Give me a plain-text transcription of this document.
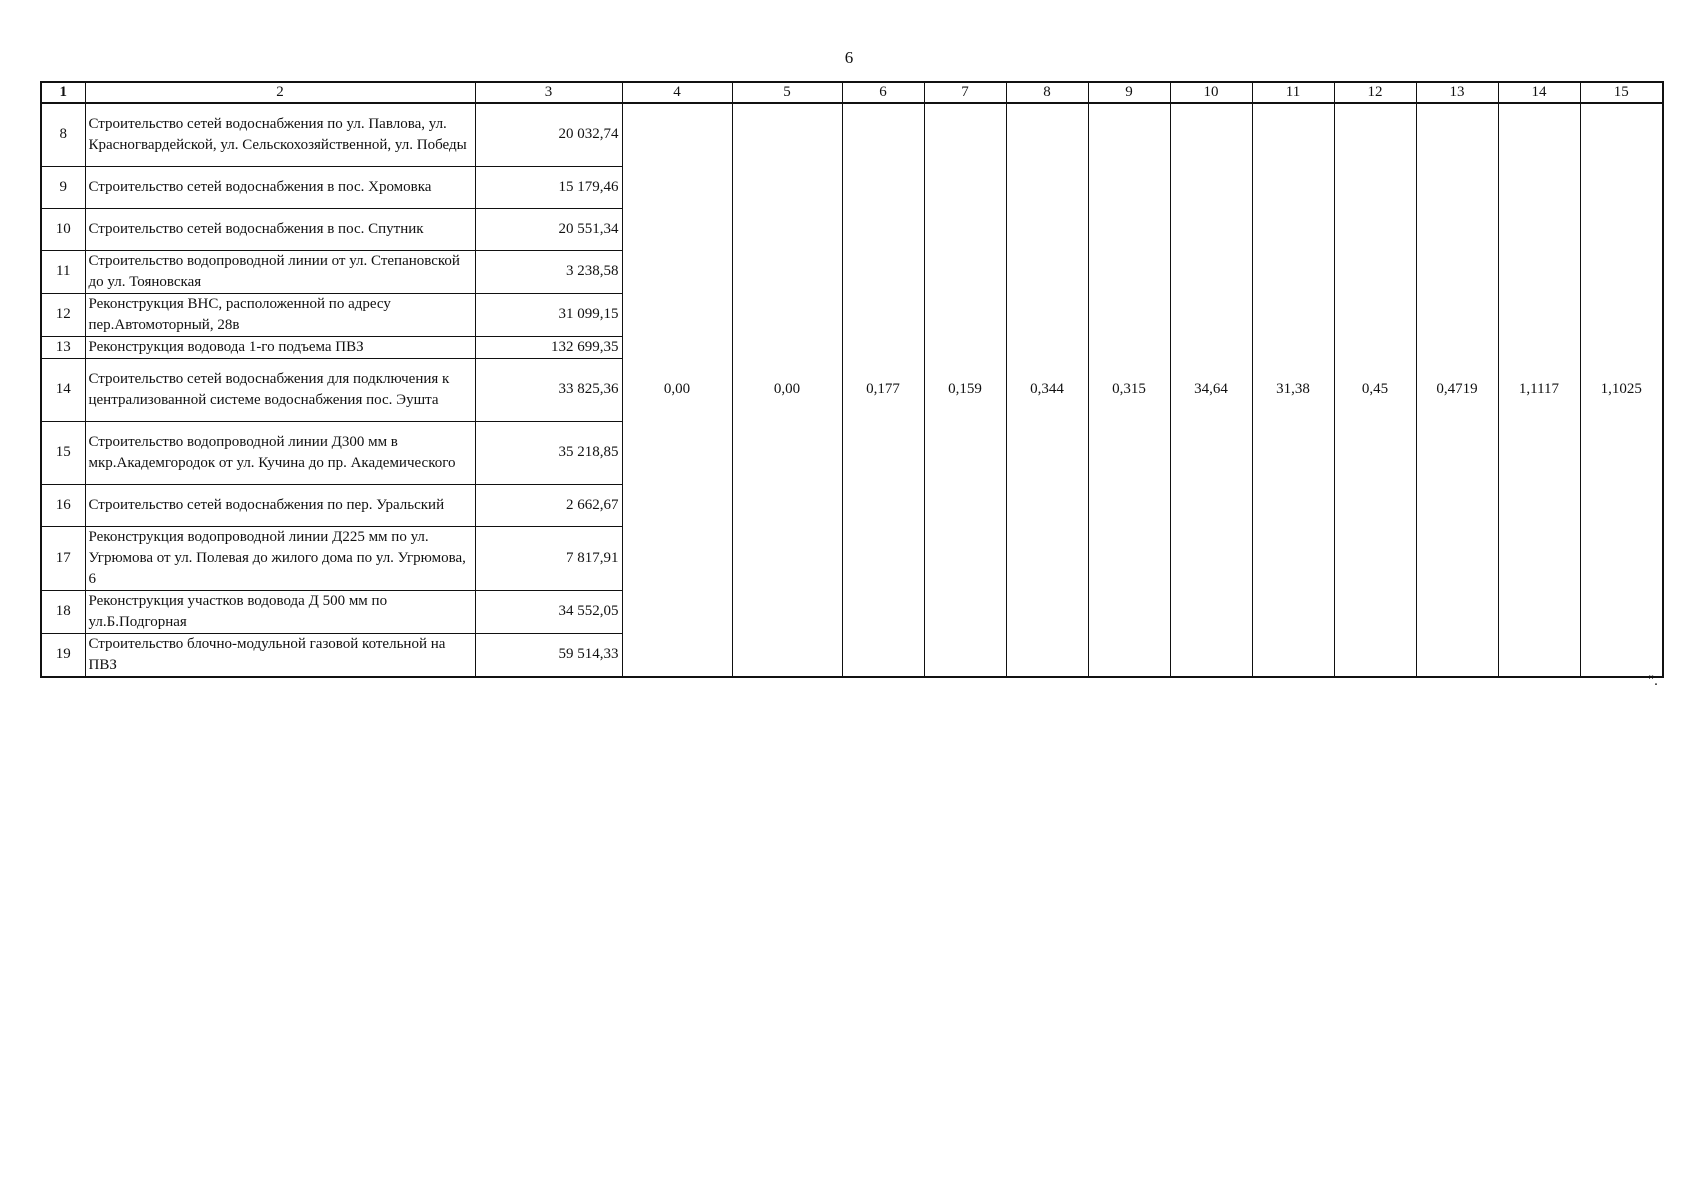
6
1	2	3	4	5	6	7	8	9	10	11	12	13	14	15
8	Строительство сетей водоснабжения по ул. Павлова, ул. Красногвардейской, ул. Сельскохозяйственной, ул. Победы	20 032,74	0,00	0,00	0,177	0,159	0,344	0,315	34,64	31,38	0,45	0,4719	1,1117	1,1025
9	Строительство сетей водоснабжения в пос. Хромовка	15 179,46												
10	Строительство сетей водоснабжения в пос. Спутник	20 551,34												
11	Строительство водопроводной линии от ул. Степановской до ул. Тояновская	3 238,58												
12	Реконструкция ВНС, расположенной по адресу пер.Автомоторный, 28в	31 099,15												
13	Реконструкция водовода 1-го подъема ПВЗ	132 699,35												
14	Строительство сетей водоснабжения для подключения к централизованной системе водоснабжения пос. Эушта	33 825,36												
15	Строительство водопроводной линии Д300 мм в мкр.Академгородок от ул. Кучина до пр. Академического	35 218,85												
16	Строительство сетей водоснабжения по пер. Уральский	2 662,67												
17	Реконструкция водопроводной линии Д225 мм по ул. Угрюмова от ул. Полевая до жилого дома по ул. Угрюмова, 6	7 817,91												
18	Реконструкция участков водовода Д 500 мм по ул.Б.Подгорная	34 552,05												
19	Строительство блочно-модульной газовой котельной на ПВЗ	59 514,33												
".
